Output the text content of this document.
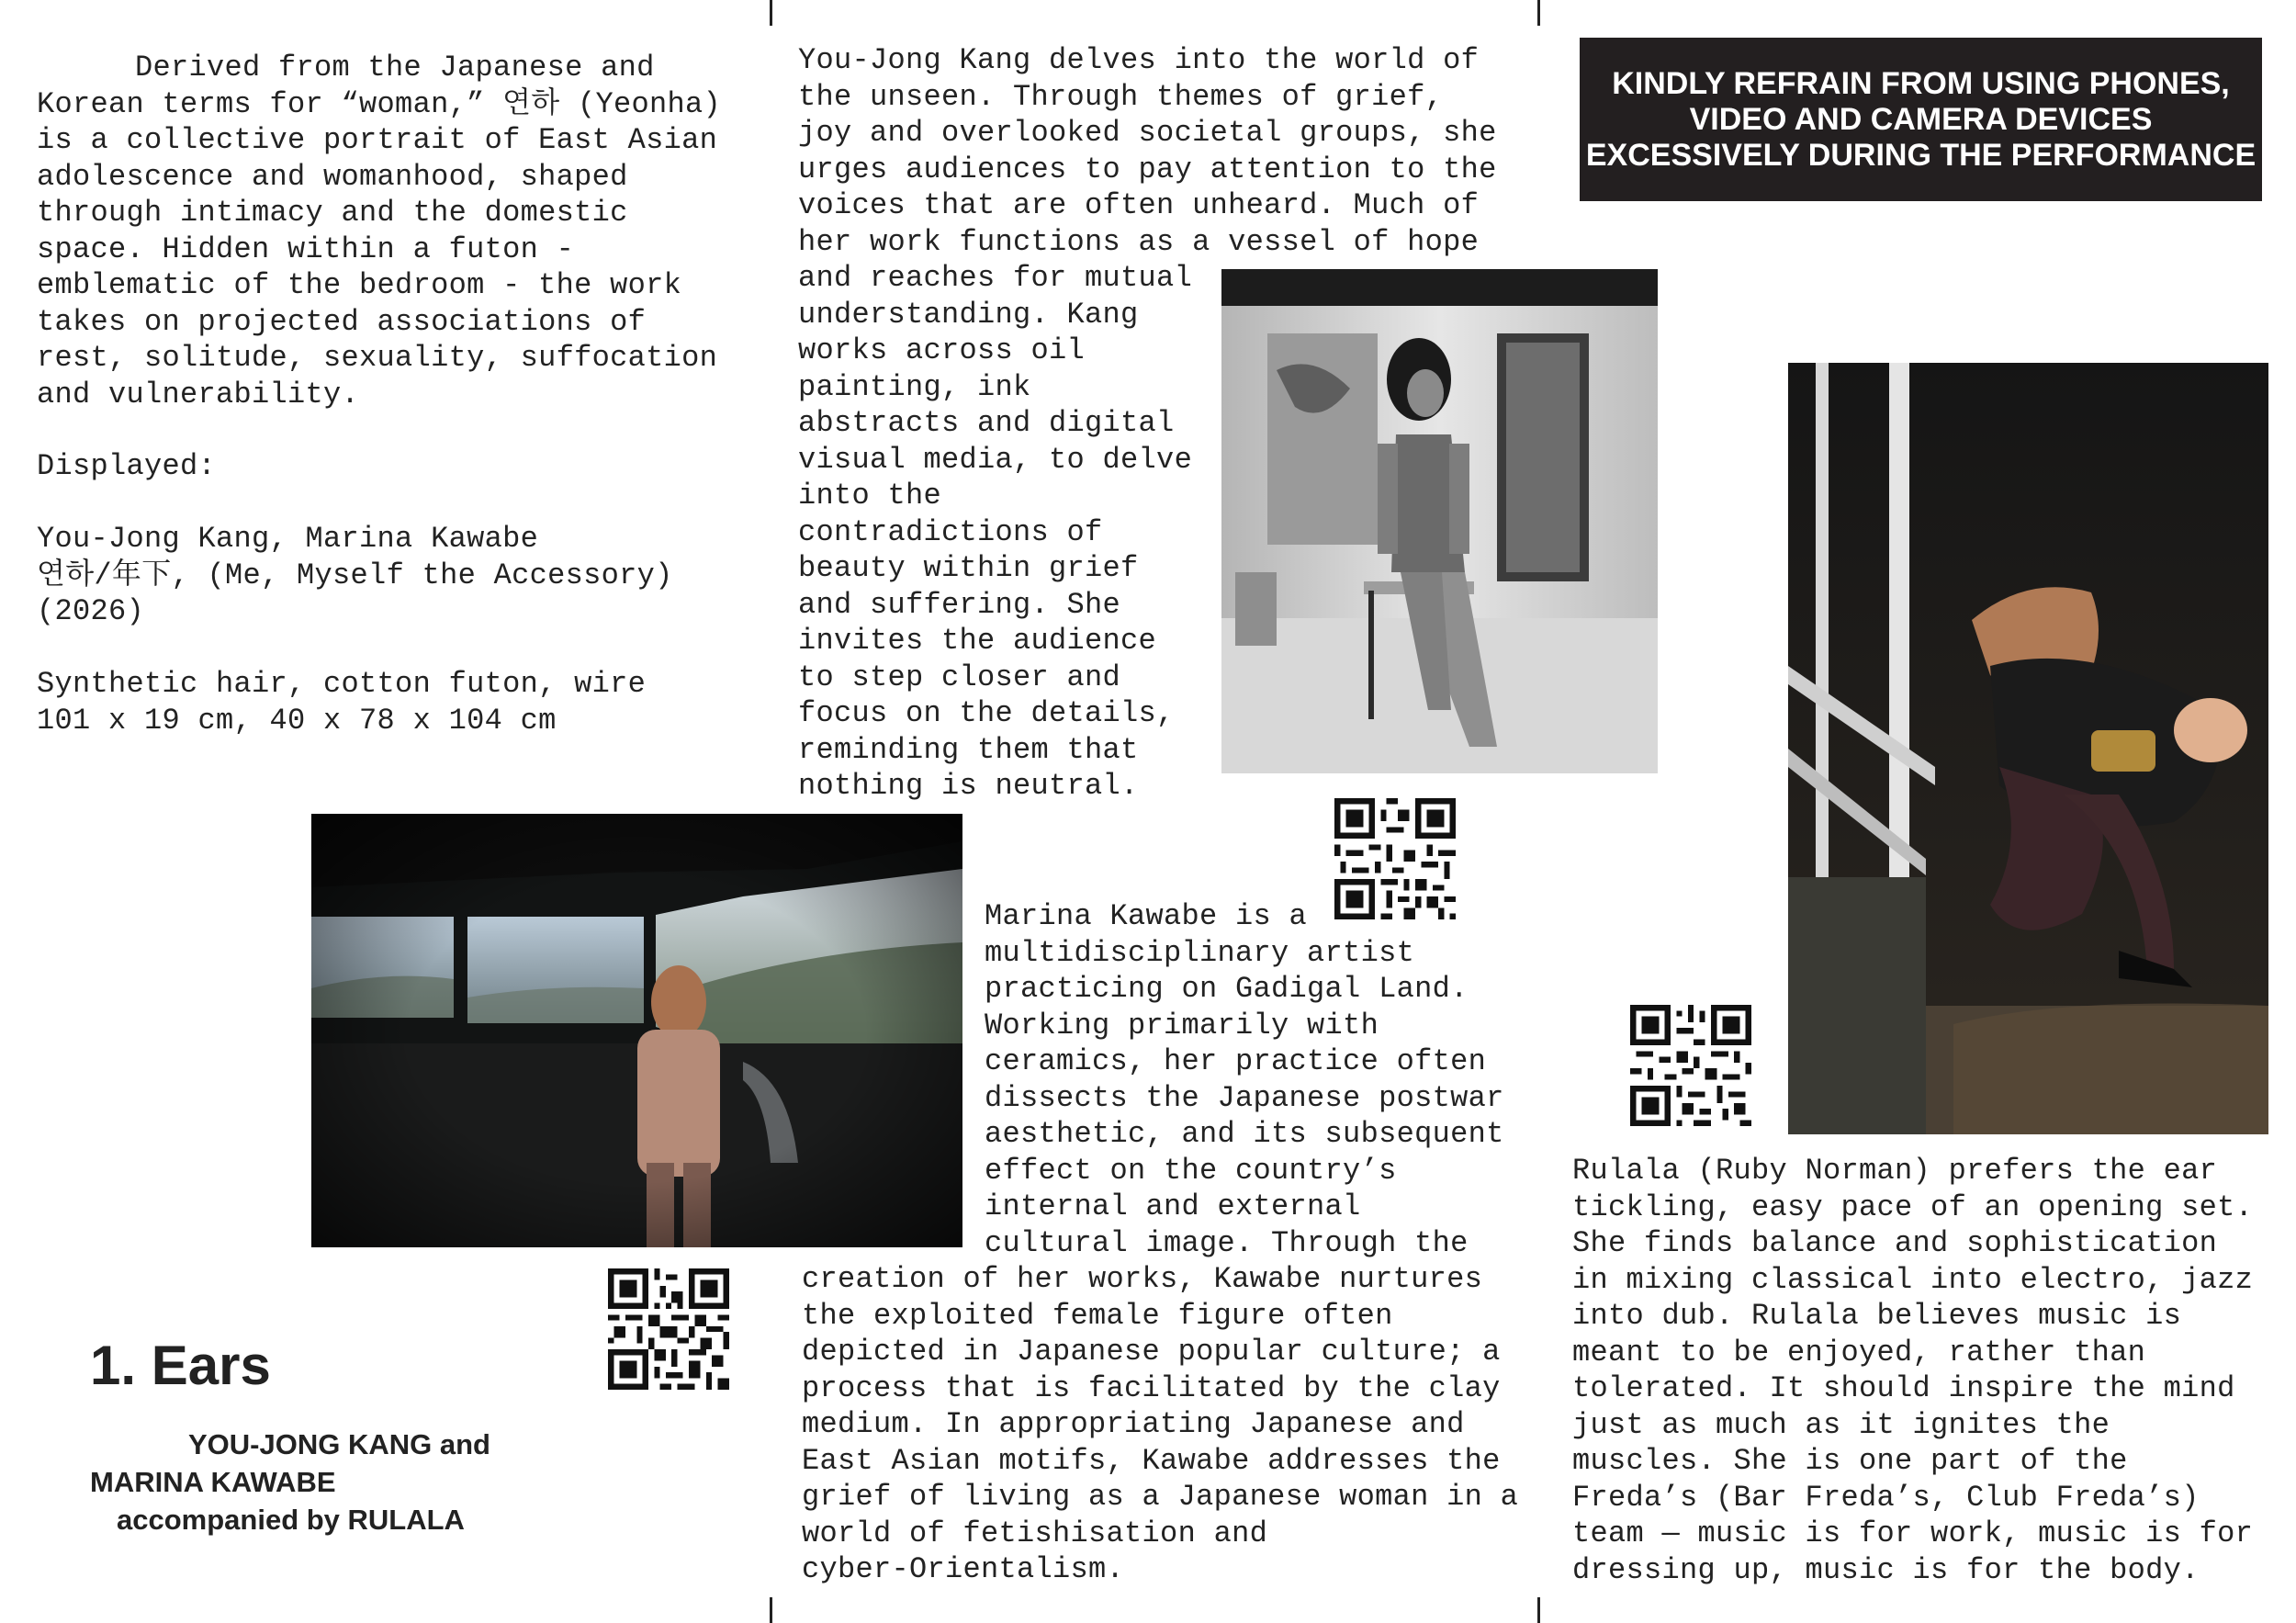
Derived from the Japanese and
Korean terms for “woman,” 연하 (Yeonha)
is a collective portrait of East Asian
adolescence and womanhood, shaped
through intimacy and the domestic
space. Hidden within a futon -
emblematic of the bedroom - the work
takes on projected associations of
rest, solitude, sexuality, suffocation
and vulnerability.
Displayed:
You-Jong Kang, Marina Kawabe
연하/年下, (Me, Myself the Accessory)
(2026)
Synthetic hair, cotton futon, wire
101 x 19 cm, 40 x 78 x 104 cm
1. Ears
YOU-JONG KANG and
MARINA KAWABE
accompanied by RULALA
You-Jong Kang delves into the world of
the unseen. Through themes of grief,
joy and overlooked societal groups, she
urges audiences to pay attention to the
voices that are often unheard. Much of
her work functions as a vessel of hope
and reaches for mutual
understanding. Kang
works across oil
painting, ink
abstracts and digital
visual media, to delve
into the
contradictions of
beauty within grief
and suffering. She
invites the audience
to step closer and
focus on the details,
reminding them that
nothing is neutral.
Marina Kawabe is a
multidisciplinary artist
practicing on Gadigal Land.
Working primarily with
ceramics, her practice often
dissects the Japanese postwar
aesthetic, and its subsequent
effect on the country’s
internal and external
cultural image. Through the
creation of her works, Kawabe nurtures
the exploited female figure often
depicted in Japanese popular culture; a
process that is facilitated by the clay
medium. In appropriating Japanese and
East Asian motifs, Kawabe addresses the
grief of living as a Japanese woman in a
world of fetishisation and
cyber-Orientalism.
KINDLY REFRAIN FROM USING PHONES,
VIDEO AND CAMERA DEVICES
EXCESSIVELY DURING THE PERFORMANCE
Rulala (Ruby Norman) prefers the ear
tickling, easy pace of an opening set.
She finds balance and sophistication
in mixing classical into electro, jazz
into dub. Rulala believes music is
meant to be enjoyed, rather than
tolerated. It should inspire the mind
just as much as it ignites the
muscles. She is one part of the
Freda’s (Bar Freda’s, Club Freda’s)
team — music is for work, music is for
dressing up, music is for the body.
